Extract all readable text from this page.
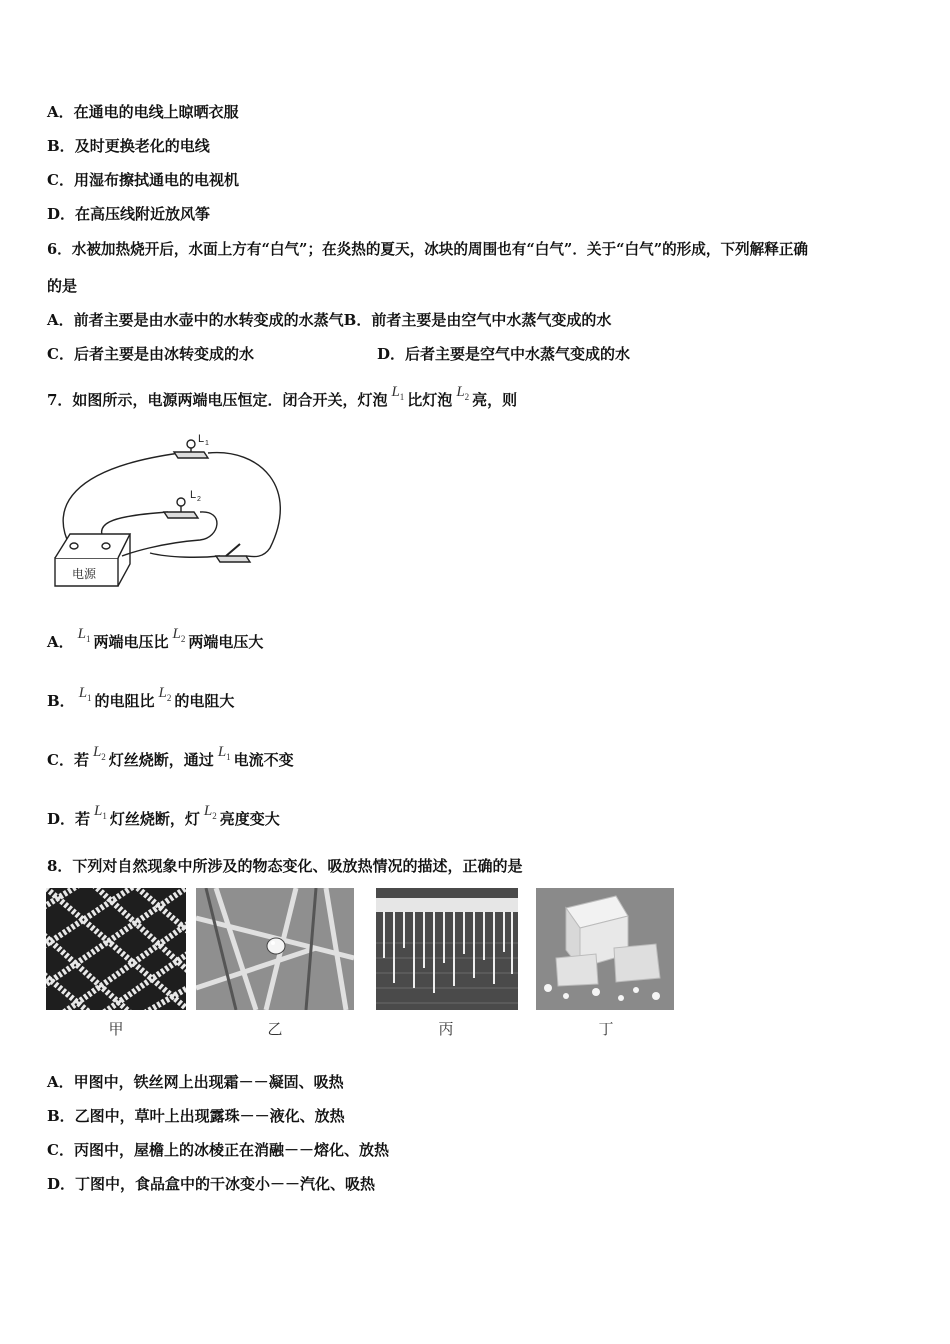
A．在通电的电线上晾晒衣服
B．及时更换老化的电线
C．用湿布擦拭通电的电视机
D．在高压线附近放风筝
6．水被加热烧开后，水面上方有“白气”；在炎热的夏天，冰块的周围也有“白气”．关于“白气”的形成，下列解释正确
的是
A．前者主要是由水壶中的水转变成的水蒸气B．前者主要是由空气中水蒸气变成的水
C．后者主要是由冰转变成的水	D．后者主要是空气中水蒸气变成的水
7．如图所示，电源两端电压恒定．闭合开关，灯泡 $L_1$ 比灯泡 $L_2$ 亮，则
L 1
L 2
电源
A． $L_1$ 两端电压比 $L_2$ 两端电压大
B． $L_1$ 的电阻比 $L_2$ 的电阻大
C．若 $L_2$ 灯丝烧断，通过 $L_1$ 电流不变
D．若 $L_1$ 灯丝烧断，灯 $L_2$ 亮度变大
8．下列对自然现象中所涉及的物态变化、吸放热情况的描述，正确的是
甲	乙	丙	丁
A．甲图中，铁丝网上出现霜－－凝固、吸热
B．乙图中，草叶上出现露珠－－液化、放热
C．丙图中，屋檐上的冰棱正在消融－－熔化、放热
D．丁图中，食品盒中的干冰变小－－汽化、吸热
